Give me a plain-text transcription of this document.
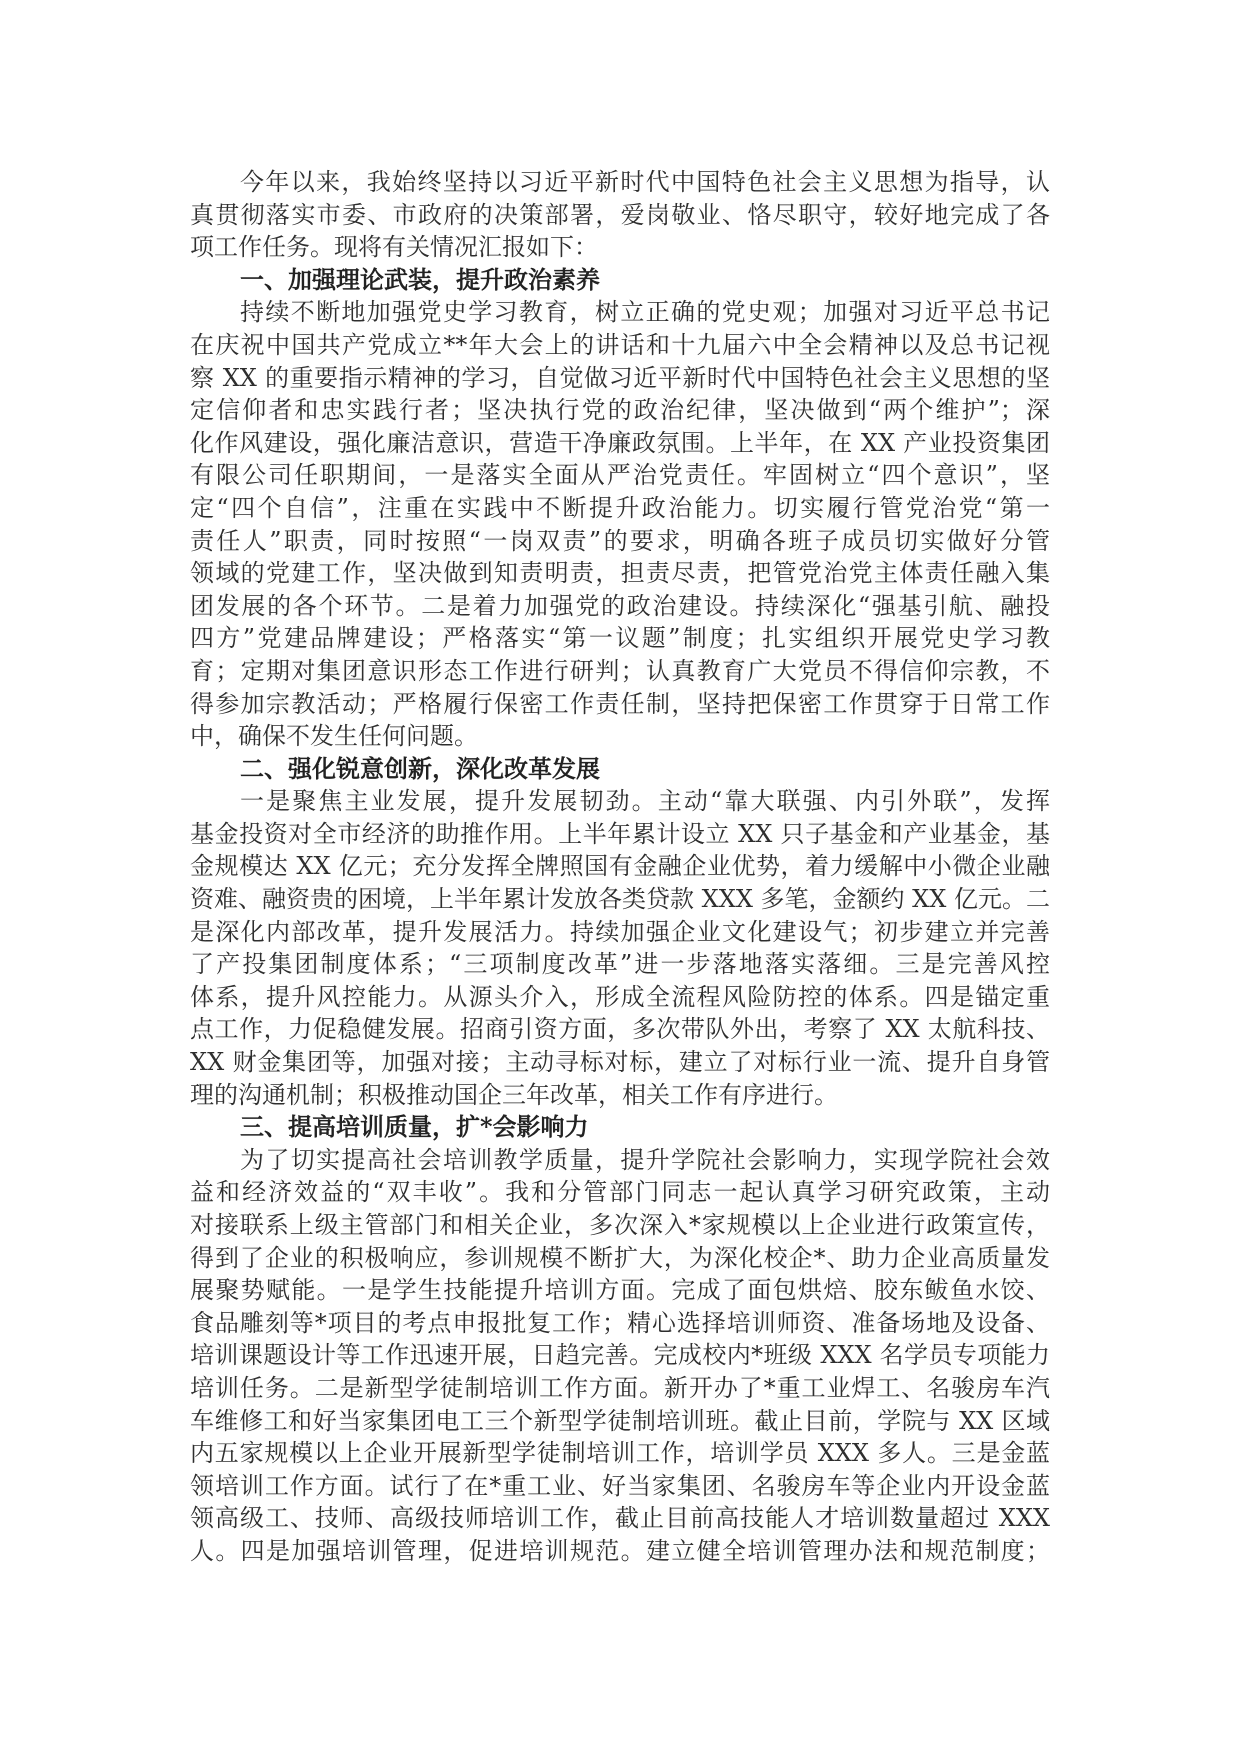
今年以来，我始终坚持以习近平新时代中国特色社会主义思想为指导，认
真贯彻落实市委、市政府的决策部署，爱岗敬业、恪尽职守，较好地完成了各
项工作任务。现将有关情况汇报如下：
一、加强理论武装，提升政治素养
持续不断地加强党史学习教育，树立正确的党史观；加强对习近平总书记
在庆祝中国共产党成立**年大会上的讲话和十九届六中全会精神以及总书记视
察 XX 的重要指示精神的学习，自觉做习近平新时代中国特色社会主义思想的坚
定信仰者和忠实践行者；坚决执行党的政治纪律，坚决做到“两个维护”；深
化作风建设，强化廉洁意识，营造干净廉政氛围。上半年，在 XX 产业投资集团
有限公司任职期间，一是落实全面从严治党责任。牢固树立“四个意识”，坚
定“四个自信”，注重在实践中不断提升政治能力。切实履行管党治党“第一
责任人”职责，同时按照“一岗双责”的要求，明确各班子成员切实做好分管
领域的党建工作，坚决做到知责明责，担责尽责，把管党治党主体责任融入集
团发展的各个环节。二是着力加强党的政治建设。持续深化“强基引航、融投
四方”党建品牌建设；严格落实“第一议题”制度；扎实组织开展党史学习教
育；定期对集团意识形态工作进行研判；认真教育广大党员不得信仰宗教，不
得参加宗教活动；严格履行保密工作责任制，坚持把保密工作贯穿于日常工作
中，确保不发生任何问题。
二、强化锐意创新，深化改革发展
一是聚焦主业发展，提升发展韧劲。主动“靠大联强、内引外联”，发挥
基金投资对全市经济的助推作用。上半年累计设立 XX 只子基金和产业基金，基
金规模达 XX 亿元；充分发挥全牌照国有金融企业优势，着力缓解中小微企业融
资难、融资贵的困境，上半年累计发放各类贷款 XXX 多笔，金额约 XX 亿元。二
是深化内部改革，提升发展活力。持续加强企业文化建设气；初步建立并完善
了产投集团制度体系；“三项制度改革”进一步落地落实落细。三是完善风控
体系，提升风控能力。从源头介入，形成全流程风险防控的体系。四是锚定重
点工作，力促稳健发展。招商引资方面，多次带队外出，考察了 XX 太航科技、
XX 财金集团等，加强对接；主动寻标对标，建立了对标行业一流、提升自身管
理的沟通机制；积极推动国企三年改革，相关工作有序进行。
三、提高培训质量，扩*会影响力
为了切实提高社会培训教学质量，提升学院社会影响力，实现学院社会效
益和经济效益的“双丰收”。我和分管部门同志一起认真学习研究政策，主动
对接联系上级主管部门和相关企业，多次深入*家规模以上企业进行政策宣传，
得到了企业的积极响应，参训规模不断扩大，为深化校企*、助力企业高质量发
展聚势赋能。一是学生技能提升培训方面。完成了面包烘焙、胶东鲅鱼水饺、
食品雕刻等*项目的考点申报批复工作；精心选择培训师资、准备场地及设备、
培训课题设计等工作迅速开展，日趋完善。完成校内*班级 XXX 名学员专项能力
培训任务。二是新型学徒制培训工作方面。新开办了*重工业焊工、名骏房车汽
车维修工和好当家集团电工三个新型学徒制培训班。截止目前，学院与 XX 区域
内五家规模以上企业开展新型学徒制培训工作，培训学员 XXX 多人。三是金蓝
领培训工作方面。试行了在*重工业、好当家集团、名骏房车等企业内开设金蓝
领高级工、技师、高级技师培训工作，截止目前高技能人才培训数量超过 XXX
人。四是加强培训管理，促进培训规范。建立健全培训管理办法和规范制度；
